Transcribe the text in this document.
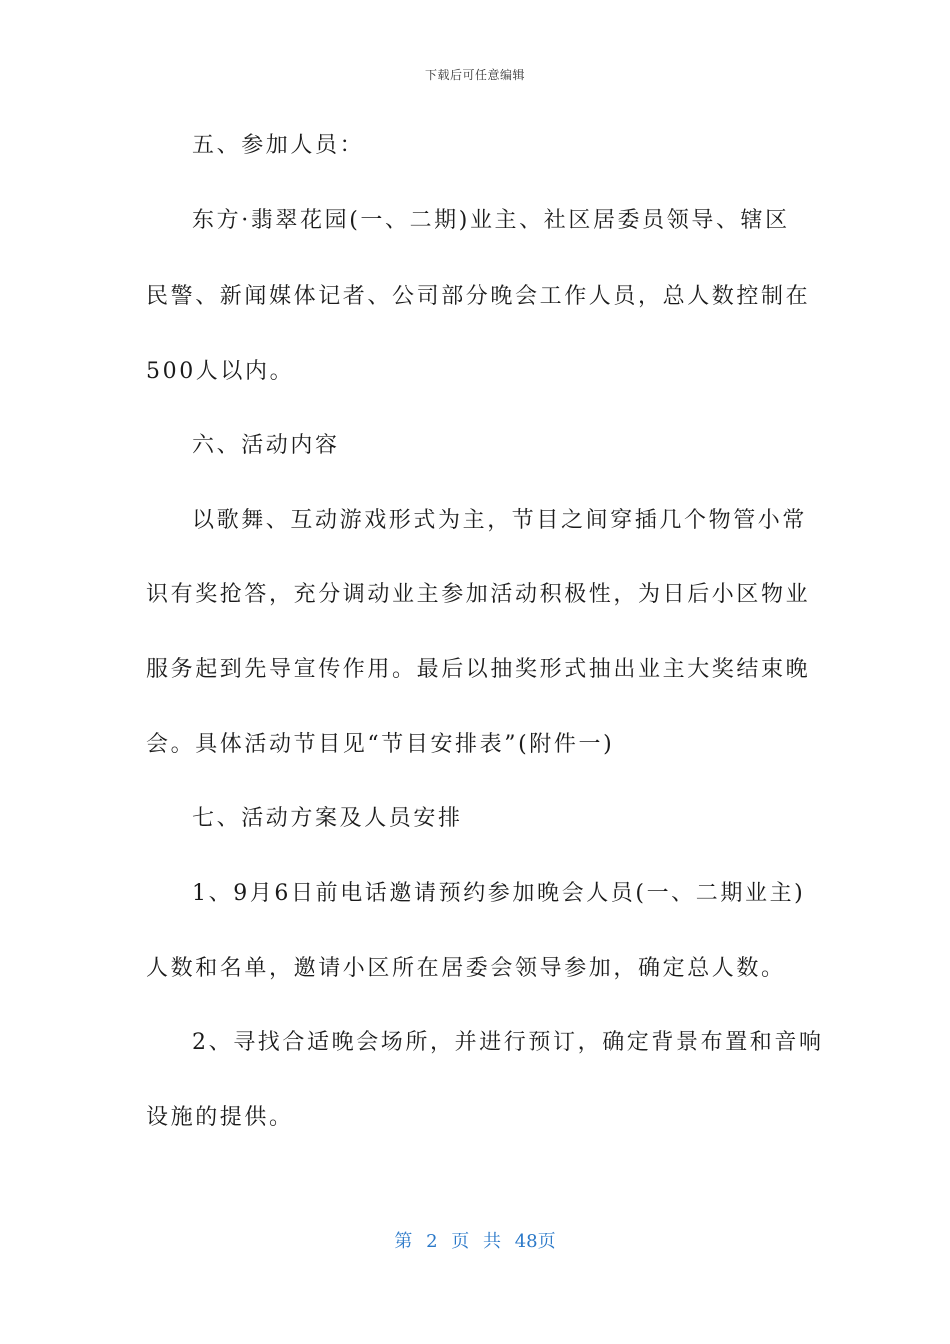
下载后可任意编辑
五、参加人员：
东方·翡翠花园(一、二期)业主、社区居委员领导、辖区
民警、新闻媒体记者、公司部分晚会工作人员，总人数控制在
500人以内。
六、活动内容
以歌舞、互动游戏形式为主，节目之间穿插几个物管小常
识有奖抢答，充分调动业主参加活动积极性，为日后小区物业
服务起到先导宣传作用。最后以抽奖形式抽出业主大奖结束晚
会。具体活动节目见“节目安排表”(附件一)
七、活动方案及人员安排
1、9月6日前电话邀请预约参加晚会人员(一、二期业主)
人数和名单，邀请小区所在居委会领导参加，确定总人数。
2、寻找合适晚会场所，并进行预订，确定背景布置和音响
设施的提供。
第 2 页 共 48页
